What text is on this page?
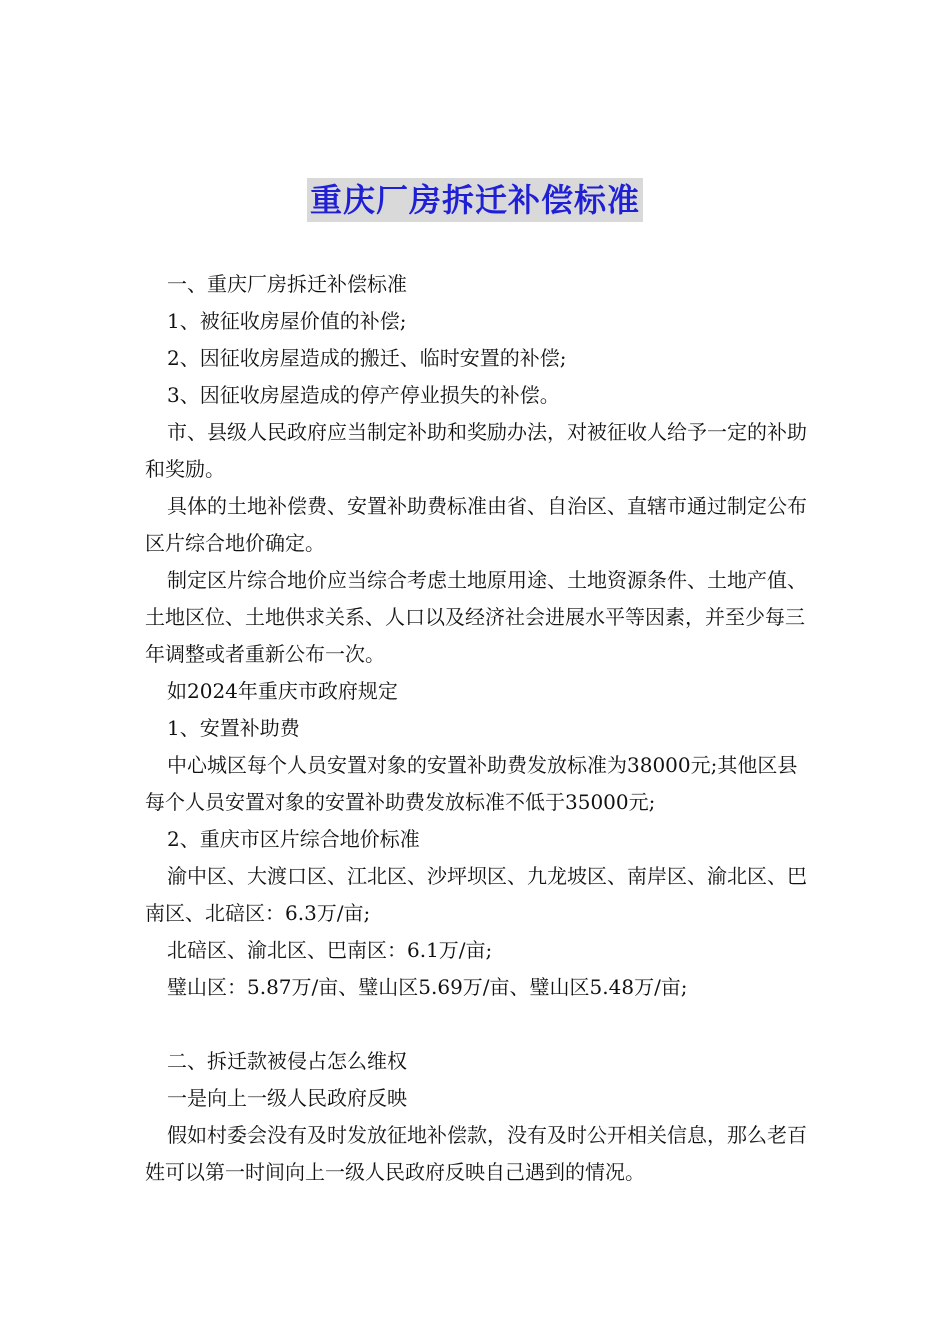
重庆厂房拆迁补偿标准

一、重庆厂房拆迁补偿标准

1、被征收房屋价值的补偿;

2、因征收房屋造成的搬迁、临时安置的补偿;

3、因征收房屋造成的停产停业损失的补偿。

市、县级人民政府应当制定补助和奖励办法，对被征收人给予一定的补助和奖励。

具体的土地补偿费、安置补助费标准由省、自治区、直辖市通过制定公布区片综合地价确定。

制定区片综合地价应当综合考虑土地原用途、土地资源条件、土地产值、土地区位、土地供求关系、人口以及经济社会进展水平等因素，并至少每三年调整或者重新公布一次。

如2024年重庆市政府规定

1、安置补助费

中心城区每个人员安置对象的安置补助费发放标准为38000元;其他区县每个人员安置对象的安置补助费发放标准不低于35000元;

2、重庆市区片综合地价标准

渝中区、大渡口区、江北区、沙坪坝区、九龙坡区、南岸区、渝北区、巴南区、北碚区：6.3万/亩;

北碚区、渝北区、巴南区：6.1万/亩;

璧山区：5.87万/亩、璧山区5.69万/亩、璧山区5.48万/亩;

二、拆迁款被侵占怎么维权

一是向上一级人民政府反映

假如村委会没有及时发放征地补偿款，没有及时公开相关信息，那么老百姓可以第一时间向上一级人民政府反映自己遇到的情况。
